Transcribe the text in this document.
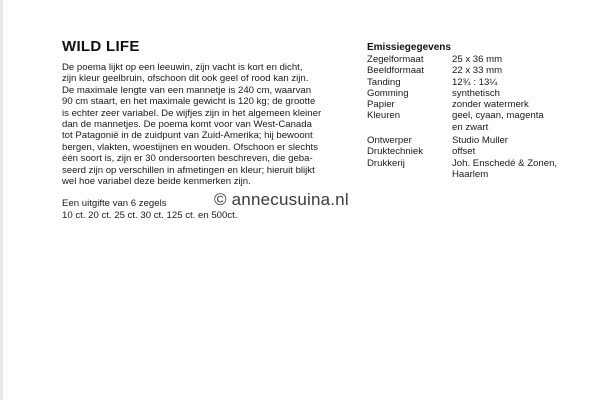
WILD LIFE
De poema lijkt op een leeuwin, zijn vacht is kort en dicht,
zijn kleur geelbruin, ofschoon dit ook geel of rood kan zijn.
De maximale lengte van een mannetje is 240 cm, waarvan
90 cm staart, en het maximale gewicht is 120 kg; de grootte
is echter zeer variabel. De wijfjes zijn in het algemeen kleiner
dan de mannetjes. De poema komt voor van West-Canada
tot Patagonië in de zuidpunt van Zuid-Amerika; hij bewoont
bergen, vlakten, woestijnen en wouden. Ofschoon er slechts
één soort is, zijn er 30 ondersoorten beschreven, die geba-
seerd zijn op verschillen in afmetingen en kleur; hieruit blijkt
wel hoe variabel deze beide kenmerken zijn.
Een uitgifte van 6 zegels
10 ct. 20 ct. 25 ct. 30 ct. 125 ct. en 500ct.
Emissiegegevens
Zegelformaat	25 x 36 mm
Beeldformaat	22 x 33 mm
Tanding	12¾ : 13¼
Gomming	synthetisch
Papier	zonder watermerk
Kleuren	geel, cyaan, magenta
en zwart
Ontwerper	Studio Muller
Druktechniek	offset
Drukkerij	Joh. Enschedé & Zonen,
Haarlem
© annecusuina.nl
